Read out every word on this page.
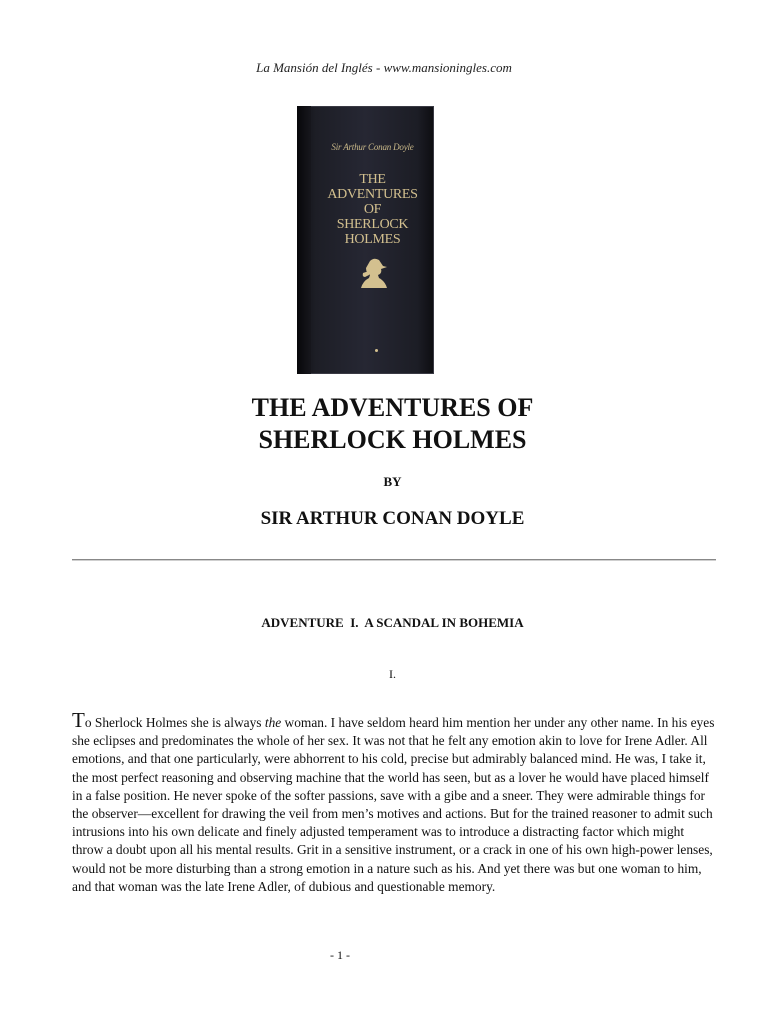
La Mansión del Inglés - www.mansioningles.com
Sir Arthur Conan Doyle
THE
ADVENTURES
OF
SHERLOCK
HOLMES
THE ADVENTURES OF
SHERLOCK HOLMES
BY
SIR ARTHUR CONAN DOYLE
ADVENTURE  I.  A SCANDAL IN BOHEMIA
I.
To Sherlock Holmes she is always the woman. I have seldom heard him mention her under any other name. In his eyes she eclipses and predominates the whole of her sex. It was not that he felt any emotion akin to love for Irene Adler. All emotions, and that one particularly, were abhorrent to his cold, precise but admirably balanced mind. He was, I take it, the most perfect reasoning and observing machine that the world has seen, but as a lover he would have placed himself in a false position. He never spoke of the softer passions, save with a gibe and a sneer. They were admirable things for the observer—excellent for drawing the veil from men’s motives and actions. But for the trained reasoner to admit such intrusions into his own delicate and finely adjusted temperament was to introduce a distracting factor which might throw a doubt upon all his mental results. Grit in a sensitive instrument, or a crack in one of his own high-power lenses, would not be more disturbing than a strong emotion in a nature such as his. And yet there was but one woman to him, and that woman was the late Irene Adler, of dubious and questionable memory.
- 1 -
